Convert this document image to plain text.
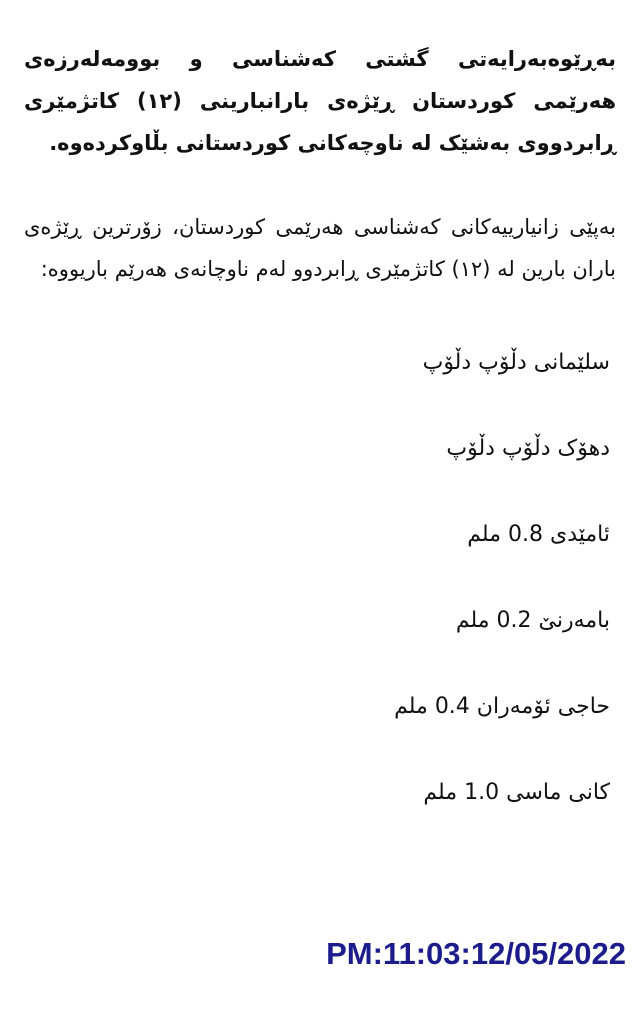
بەڕێوەبەرایەتی گشتی کەشناسی و بوومەلەرزەی هەرێمی کوردستان ڕێژەی بارانبارینی (١٢) کاتژمێری ڕابردووی بەشێک لە ناوچەکانی کوردستانی بڵاوکردەوە.

بەپێی زانیارییەکانی کەشناسی هەرێمی کوردستان، زۆرترین ڕێژەی باران بارین لە (١٢) کاتژمێری ڕابردوو لەم ناوچانەی هەرێم باریووە:

سلێمانی دڵۆپ دڵۆپ
دهۆک دڵۆپ دڵۆپ
ئامێدی 0.8 ملم
بامەرنێ 0.2 ملم
حاجی ئۆمەران 0.4 ملم
کانی ماسی 1.0 ملم
PM:11:03:12/05/2022
